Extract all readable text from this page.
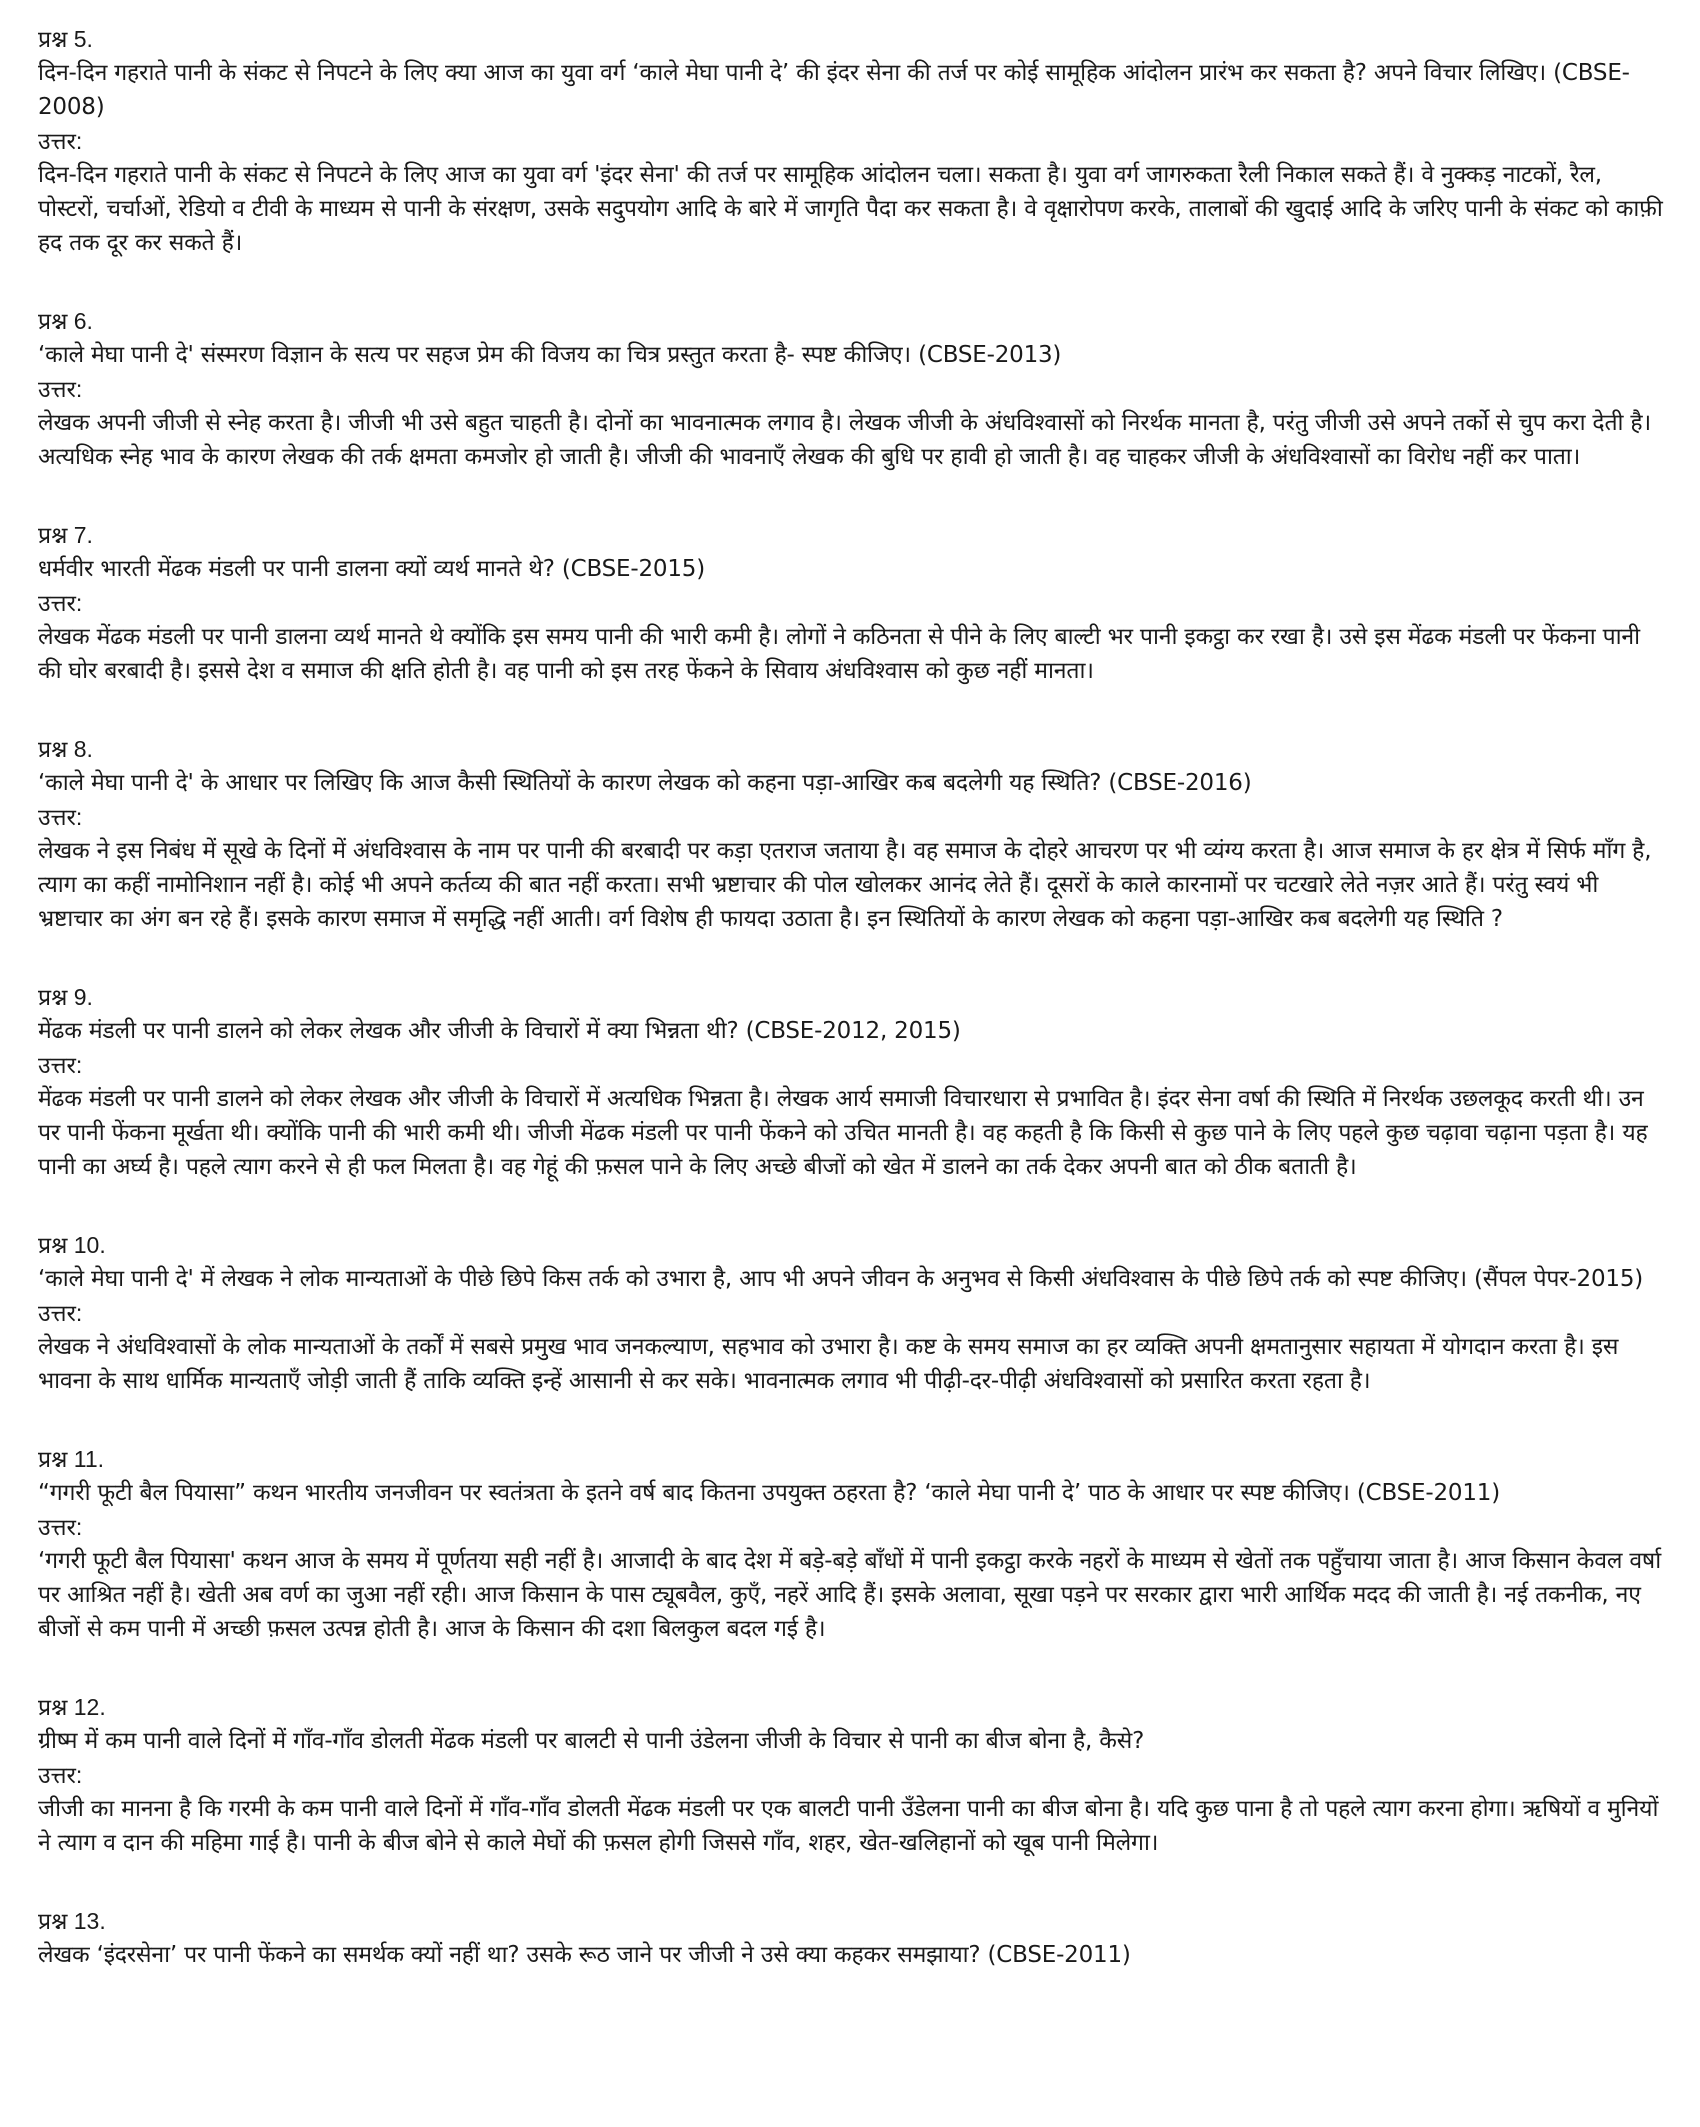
प्रश्न 5.

दिन-दिन गहराते पानी के संकट से निपटने के लिए क्या आज का युवा वर्ग ‘काले मेघा पानी दे’ की इंदर सेना की तर्ज पर कोई सामूहिक आंदोलन प्रारंभ कर सकता है? अपने विचार लिखिए। (CBSE-2008)

उत्तर:

दिन-दिन गहराते पानी के संकट से निपटने के लिए आज का युवा वर्ग 'इंदर सेना' की तर्ज पर सामूहिक आंदोलन चला। सकता है। युवा वर्ग जागरुकता रैली निकाल सकते हैं। वे नुक्कड़ नाटकों, रैल, पोस्टरों, चर्चाओं, रेडियो व टीवी के माध्यम से पानी के संरक्षण, उसके सदुपयोग आदि के बारे में जागृति पैदा कर सकता है। वे वृक्षारोपण करके, तालाबों की खुदाई आदि के जरिए पानी के संकट को काफ़ी हद तक दूर कर सकते हैं।

प्रश्न 6.

‘काले मेघा पानी दे' संस्मरण विज्ञान के सत्य पर सहज प्रेम की विजय का चित्र प्रस्तुत करता है- स्पष्ट कीजिए। (CBSE-2013)

उत्तर:

लेखक अपनी जीजी से स्नेह करता है। जीजी भी उसे बहुत चाहती है। दोनों का भावनात्मक लगाव है। लेखक जीजी के अंधविश्वासों को निरर्थक मानता है, परंतु जीजी उसे अपने तर्को से चुप करा देती है। अत्यधिक स्नेह भाव के कारण लेखक की तर्क क्षमता कमजोर हो जाती है। जीजी की भावनाएँ लेखक की बुधि पर हावी हो जाती है। वह चाहकर जीजी के अंधविश्वासों का विरोध नहीं कर पाता।

प्रश्न 7.

धर्मवीर भारती मेंढक मंडली पर पानी डालना क्यों व्यर्थ मानते थे? (CBSE-2015)

उत्तर:

लेखक मेंढक मंडली पर पानी डालना व्यर्थ मानते थे क्योंकि इस समय पानी की भारी कमी है। लोगों ने कठिनता से पीने के लिए बाल्टी भर पानी इकट्ठा कर रखा है। उसे इस मेंढक मंडली पर फेंकना पानी की घोर बरबादी है। इससे देश व समाज की क्षति होती है। वह पानी को इस तरह फेंकने के सिवाय अंधविश्वास को कुछ नहीं मानता।

प्रश्न 8.

‘काले मेघा पानी दे' के आधार पर लिखिए कि आज कैसी स्थितियों के कारण लेखक को कहना पड़ा-आखिर कब बदलेगी यह स्थिति? (CBSE-2016)

उत्तर:

लेखक ने इस निबंध में सूखे के दिनों में अंधविश्वास के नाम पर पानी की बरबादी पर कड़ा एतराज जताया है। वह समाज के दोहरे आचरण पर भी व्यंग्य करता है। आज समाज के हर क्षेत्र में सिर्फ माँग है, त्याग का कहीं नामोनिशान नहीं है। कोई भी अपने कर्तव्य की बात नहीं करता। सभी भ्रष्टाचार की पोल खोलकर आनंद लेते हैं। दूसरों के काले कारनामों पर चटखारे लेते नज़र आते हैं। परंतु स्वयं भी भ्रष्टाचार का अंग बन रहे हैं। इसके कारण समाज में समृद्धि नहीं आती। वर्ग विशेष ही फायदा उठाता है। इन स्थितियों के कारण लेखक को कहना पड़ा-आखिर कब बदलेगी यह स्थिति ?

प्रश्न 9.

मेंढक मंडली पर पानी डालने को लेकर लेखक और जीजी के विचारों में क्या भिन्नता थी? (CBSE-2012, 2015)

उत्तर:

मेंढक मंडली पर पानी डालने को लेकर लेखक और जीजी के विचारों में अत्यधिक भिन्नता है। लेखक आर्य समाजी विचारधारा से प्रभावित है। इंदर सेना वर्षा की स्थिति में निरर्थक उछलकूद करती थी। उन पर पानी फेंकना मूर्खता थी। क्योंकि पानी की भारी कमी थी। जीजी मेंढक मंडली पर पानी फेंकने को उचित मानती है। वह कहती है कि किसी से कुछ पाने के लिए पहले कुछ चढ़ावा चढ़ाना पड़ता है। यह पानी का अर्घ्य है। पहले त्याग करने से ही फल मिलता है। वह गेहूं की फ़सल पाने के लिए अच्छे बीजों को खेत में डालने का तर्क देकर अपनी बात को ठीक बताती है।

प्रश्न 10.

‘काले मेघा पानी दे' में लेखक ने लोक मान्यताओं के पीछे छिपे किस तर्क को उभारा है, आप भी अपने जीवन के अनुभव से किसी अंधविश्वास के पीछे छिपे तर्क को स्पष्ट कीजिए। (सैंपल पेपर-2015)

उत्तर:

लेखक ने अंधविश्वासों के लोक मान्यताओं के तर्कों में सबसे प्रमुख भाव जनकल्याण, सहभाव को उभारा है। कष्ट के समय समाज का हर व्यक्ति अपनी क्षमतानुसार सहायता में योगदान करता है। इस भावना के साथ धार्मिक मान्यताएँ जोड़ी जाती हैं ताकि व्यक्ति इन्हें आसानी से कर सके। भावनात्मक लगाव भी पीढ़ी-दर-पीढ़ी अंधविश्वासों को प्रसारित करता रहता है।

प्रश्न 11.

“गगरी फूटी बैल पियासा” कथन भारतीय जनजीवन पर स्वतंत्रता के इतने वर्ष बाद कितना उपयुक्त ठहरता है? ‘काले मेघा पानी दे’ पाठ के आधार पर स्पष्ट कीजिए। (CBSE-2011)

उत्तर:

‘गगरी फूटी बैल पियासा' कथन आज के समय में पूर्णतया सही नहीं है। आजादी के बाद देश में बड़े-बड़े बाँधों में पानी इकट्ठा करके नहरों के माध्यम से खेतों तक पहुँचाया जाता है। आज किसान केवल वर्षा पर आश्रित नहीं है। खेती अब वर्ण का जुआ नहीं रही। आज किसान के पास ट्यूबवैल, कुएँ, नहरें आदि हैं। इसके अलावा, सूखा पड़ने पर सरकार द्वारा भारी आर्थिक मदद की जाती है। नई तकनीक, नए बीजों से कम पानी में अच्छी फ़सल उत्पन्न होती है। आज के किसान की दशा बिलकुल बदल गई है।

प्रश्न 12.

ग्रीष्म में कम पानी वाले दिनों में गाँव-गाँव डोलती मेंढक मंडली पर बालटी से पानी उंडेलना जीजी के विचार से पानी का बीज बोना है, कैसे?

उत्तर:

जीजी का मानना है कि गरमी के कम पानी वाले दिनों में गाँव-गाँव डोलती मेंढक मंडली पर एक बालटी पानी उँडेलना पानी का बीज बोना है। यदि कुछ पाना है तो पहले त्याग करना होगा। ऋषियों व मुनियों ने त्याग व दान की महिमा गाई है। पानी के बीज बोने से काले मेघों की फ़सल होगी जिससे गाँव, शहर, खेत-खलिहानों को खूब पानी मिलेगा।

प्रश्न 13.

लेखक ‘इंदरसेना’ पर पानी फेंकने का समर्थक क्यों नहीं था? उसके रूठ जाने पर जीजी ने उसे क्या कहकर समझाया? (CBSE-2011)
